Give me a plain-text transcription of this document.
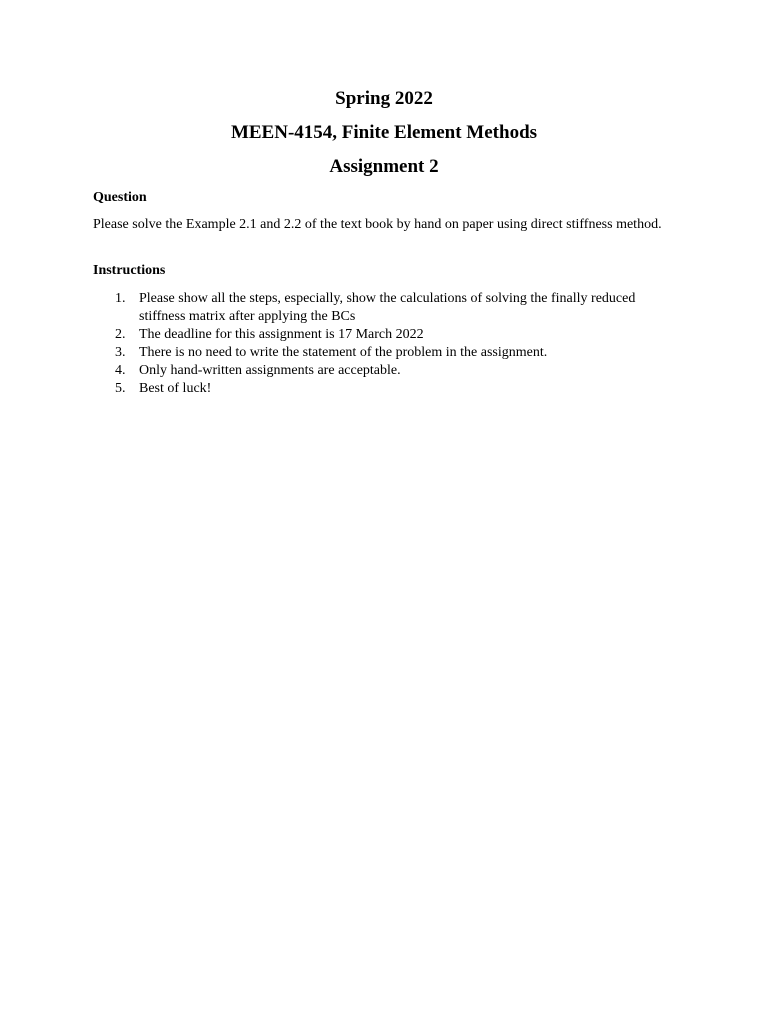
Spring 2022
MEEN-4154, Finite Element Methods
Assignment 2
Question

Please solve the Example 2.1 and 2.2 of the text book by hand on paper using direct stiffness method.

Instructions
1. Please show all the steps, especially, show the calculations of solving the finally reduced stiffness matrix after applying the BCs
2. The deadline for this assignment is 17 March 2022
3. There is no need to write the statement of the problem in the assignment.
4. Only hand-written assignments are acceptable.
5. Best of luck!
